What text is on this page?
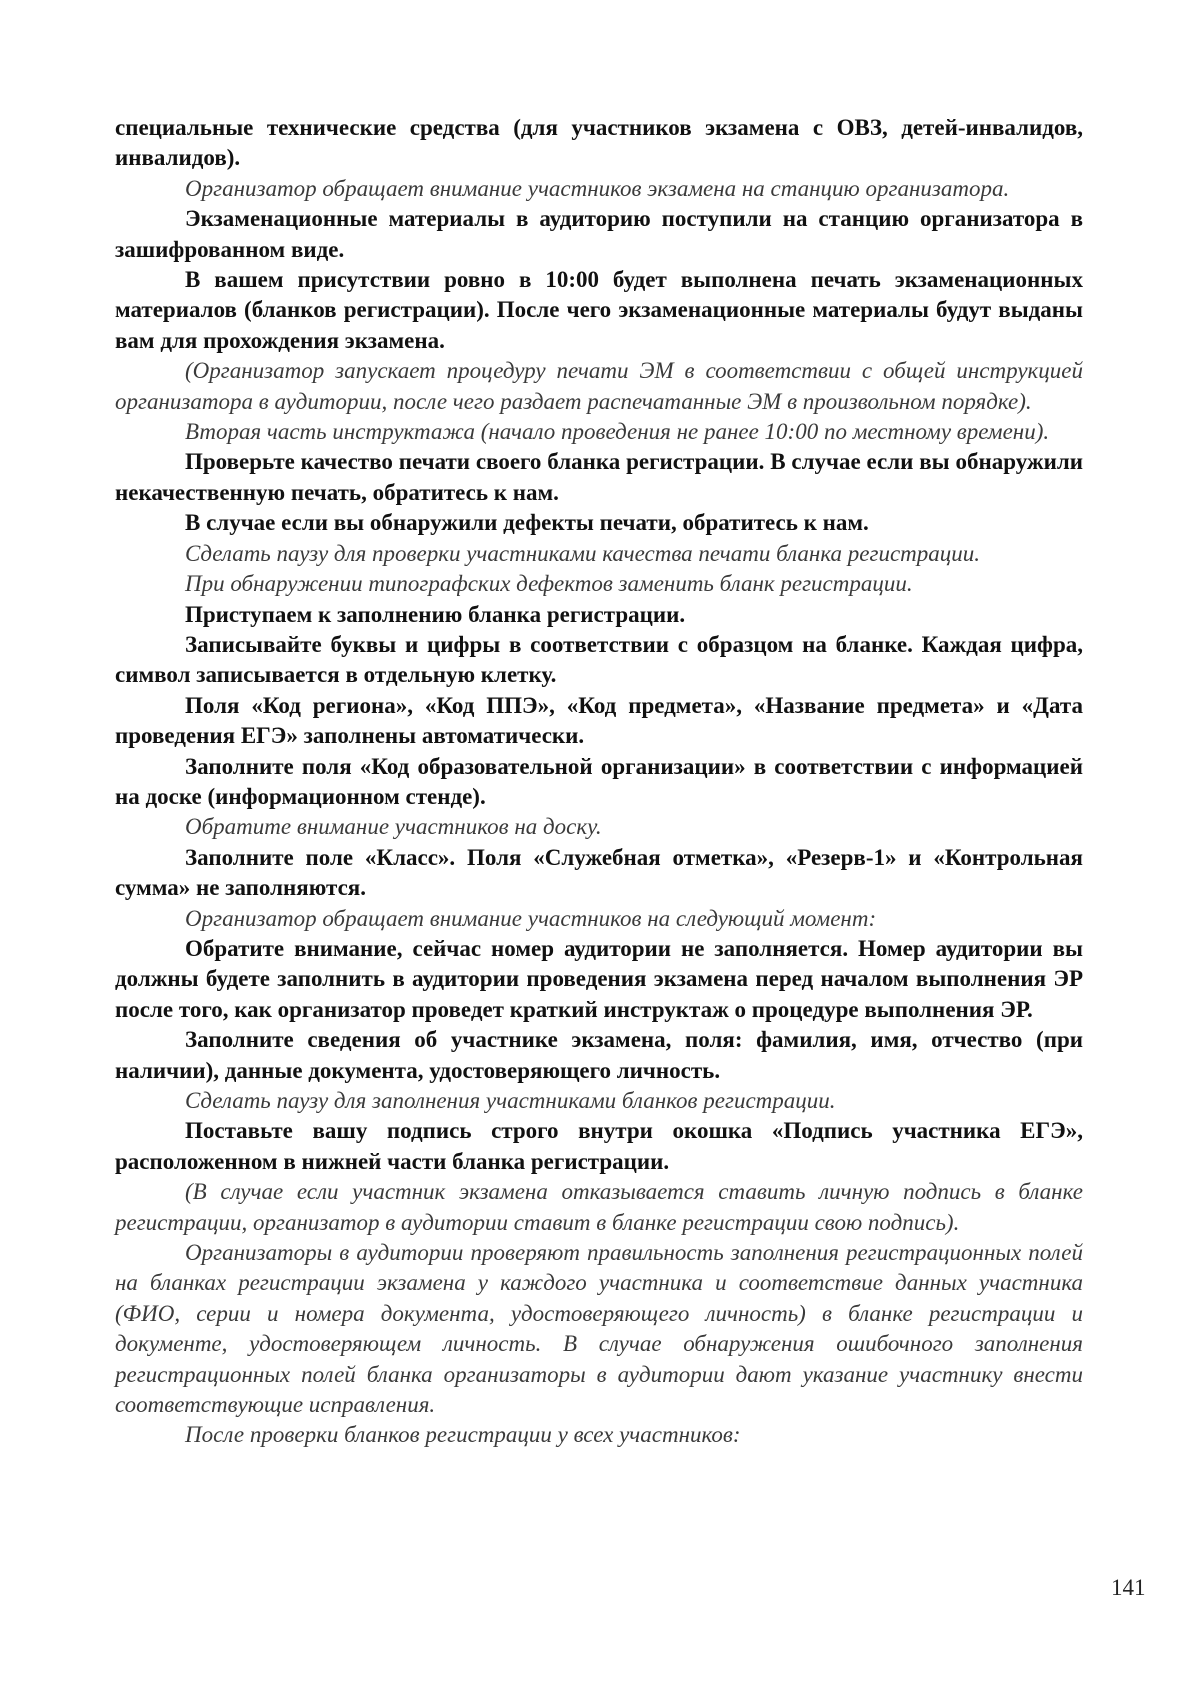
специальные технические средства (для участников экзамена с ОВЗ, детей-инвалидов, инвалидов).

Организатор обращает внимание участников экзамена на станцию организатора.

Экзаменационные материалы в аудиторию поступили на станцию организатора в зашифрованном виде.

В вашем присутствии ровно в 10:00 будет выполнена печать экзаменационных материалов (бланков регистрации). После чего экзаменационные материалы будут выданы вам для прохождения экзамена.

(Организатор запускает процедуру печати ЭМ в соответствии с общей инструкцией организатора в аудитории, после чего раздает распечатанные ЭМ в произвольном порядке).

Вторая часть инструктажа (начало проведения не ранее 10:00 по местному времени).

Проверьте качество печати своего бланка регистрации. В случае если вы обнаружили некачественную печать, обратитесь к нам.

В случае если вы обнаружили дефекты печати, обратитесь к нам.

Сделать паузу для проверки участниками качества печати бланка регистрации.

При обнаружении типографских дефектов заменить бланк регистрации.

Приступаем к заполнению бланка регистрации.

Записывайте буквы и цифры в соответствии с образцом на бланке. Каждая цифра, символ записывается в отдельную клетку.

Поля «Код региона», «Код ППЭ», «Код предмета», «Название предмета» и «Дата проведения ЕГЭ» заполнены автоматически.

Заполните поля «Код образовательной организации» в соответствии с информацией на доске (информационном стенде).

Обратите внимание участников на доску.

Заполните поле «Класс». Поля «Служебная отметка», «Резерв-1» и «Контрольная сумма» не заполняются.

Организатор обращает внимание участников на следующий момент:

Обратите внимание, сейчас номер аудитории не заполняется. Номер аудитории вы должны будете заполнить в аудитории проведения экзамена перед началом выполнения ЭР после того, как организатор проведет краткий инструктаж о процедуре выполнения ЭР.

Заполните сведения об участнике экзамена, поля: фамилия, имя, отчество (при наличии), данные документа, удостоверяющего личность.

Сделать паузу для заполнения участниками бланков регистрации.

Поставьте вашу подпись строго внутри окошка «Подпись участника ЕГЭ», расположенном в нижней части бланка регистрации.

(В случае если участник экзамена отказывается ставить личную подпись в бланке регистрации, организатор в аудитории ставит в бланке регистрации свою подпись).

Организаторы в аудитории проверяют правильность заполнения регистрационных полей на бланках регистрации экзамена у каждого участника и соответствие данных участника (ФИО, серии и номера документа, удостоверяющего личность) в бланке регистрации и документе, удостоверяющем личность. В случае обнаружения ошибочного заполнения регистрационных полей бланка организаторы в аудитории дают указание участнику внести соответствующие исправления.

После проверки бланков регистрации у всех участников:

141
